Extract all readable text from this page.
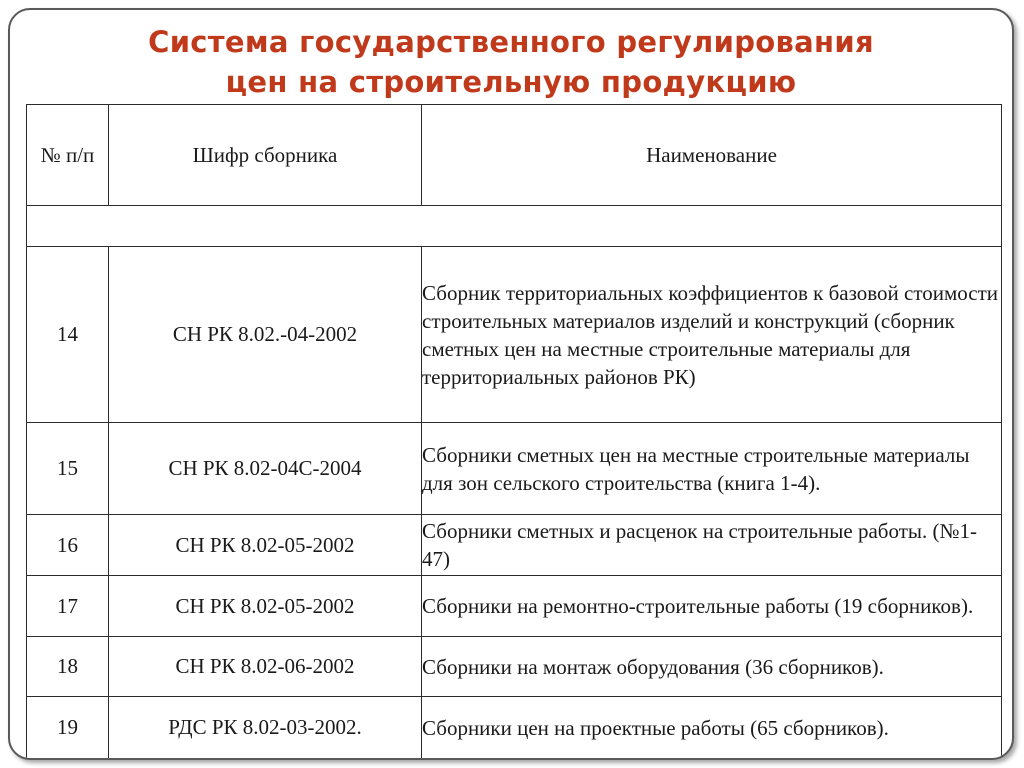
Система государственного регулирования
цен на строительную продукцию
№ п/п	Шифр сборника	Наименование

14	СН РК 8.02.-04-2002	Сборник территориальных коэффициентов к базовой стоимости строительных материалов изделий и конструкций (сборник сметных цен на местные строительные материалы для территориальных районов РК)
15	СН РК 8.02-04С-2004	Сборники сметных цен на местные строительные материалы для зон сельского строительства (книга 1-4).
16	СН РК 8.02-05-2002	Сборники сметных и расценок на строительные работы. (№1-47)
17	СН РК 8.02-05-2002	Сборники на ремонтно-строительные работы (19 сборников).
18	СН РК 8.02-06-2002	Сборники на монтаж оборудования (36 сборников).
19	РДС РК 8.02-03-2002.	Сборники цен на проектные работы (65 сборников).
